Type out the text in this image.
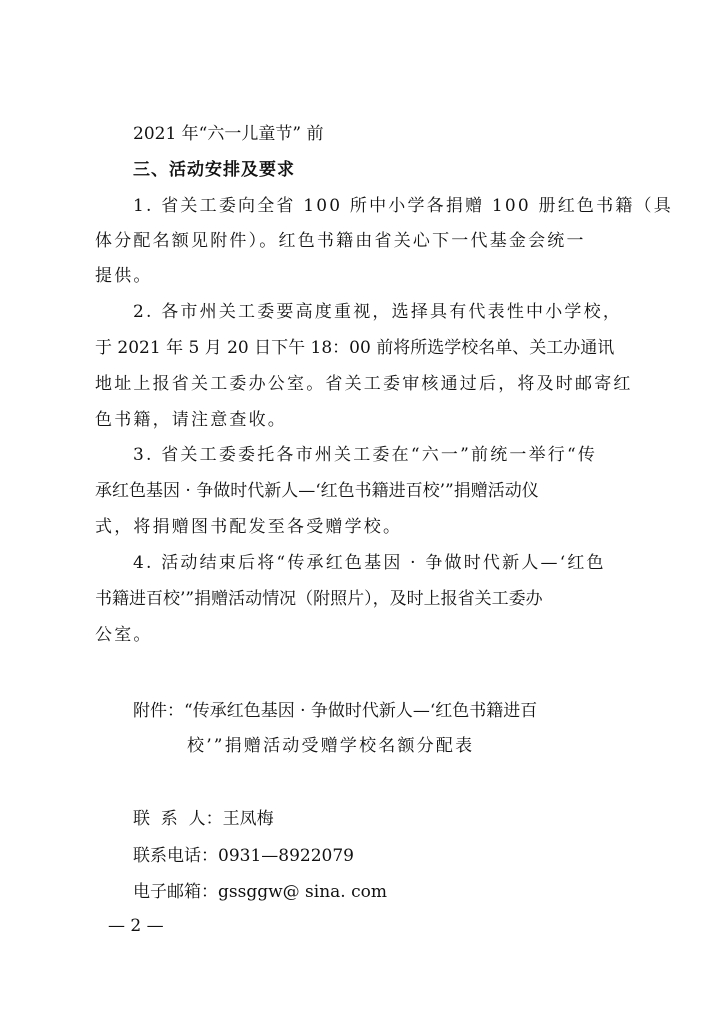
2021 年“六一儿童节” 前
三、活动安排及要求
1. 省关工委向全省 100 所中小学各捐赠 100 册红色书籍（具
体分配名额见附件）。红色书籍由省关心下一代基金会统一
提供。
2. 各市州关工委要高度重视，选择具有代表性中小学校，
于 2021 年 5 月 20 日下午 18：00 前将所选学校名单、关工办通讯
地址上报省关工委办公室。省关工委审核通过后，将及时邮寄红
色书籍，请注意查收。
3. 省关工委委托各市州关工委在“六一”前统一举行“传
承红色基因 · 争做时代新人—‘红色书籍进百校’”捐赠活动仪
式，将捐赠图书配发至各受赠学校。
4. 活动结束后将“传承红色基因 · 争做时代新人—‘红色
书籍进百校’”捐赠活动情况（附照片），及时上报省关工委办
公室。
附件：“传承红色基因 · 争做时代新人—‘红色书籍进百
校’”捐赠活动受赠学校名额分配表
联  系  人：王凤梅
联系电话：0931—8922079
电子邮箱：gssggw@ sina. com
— 2 —
